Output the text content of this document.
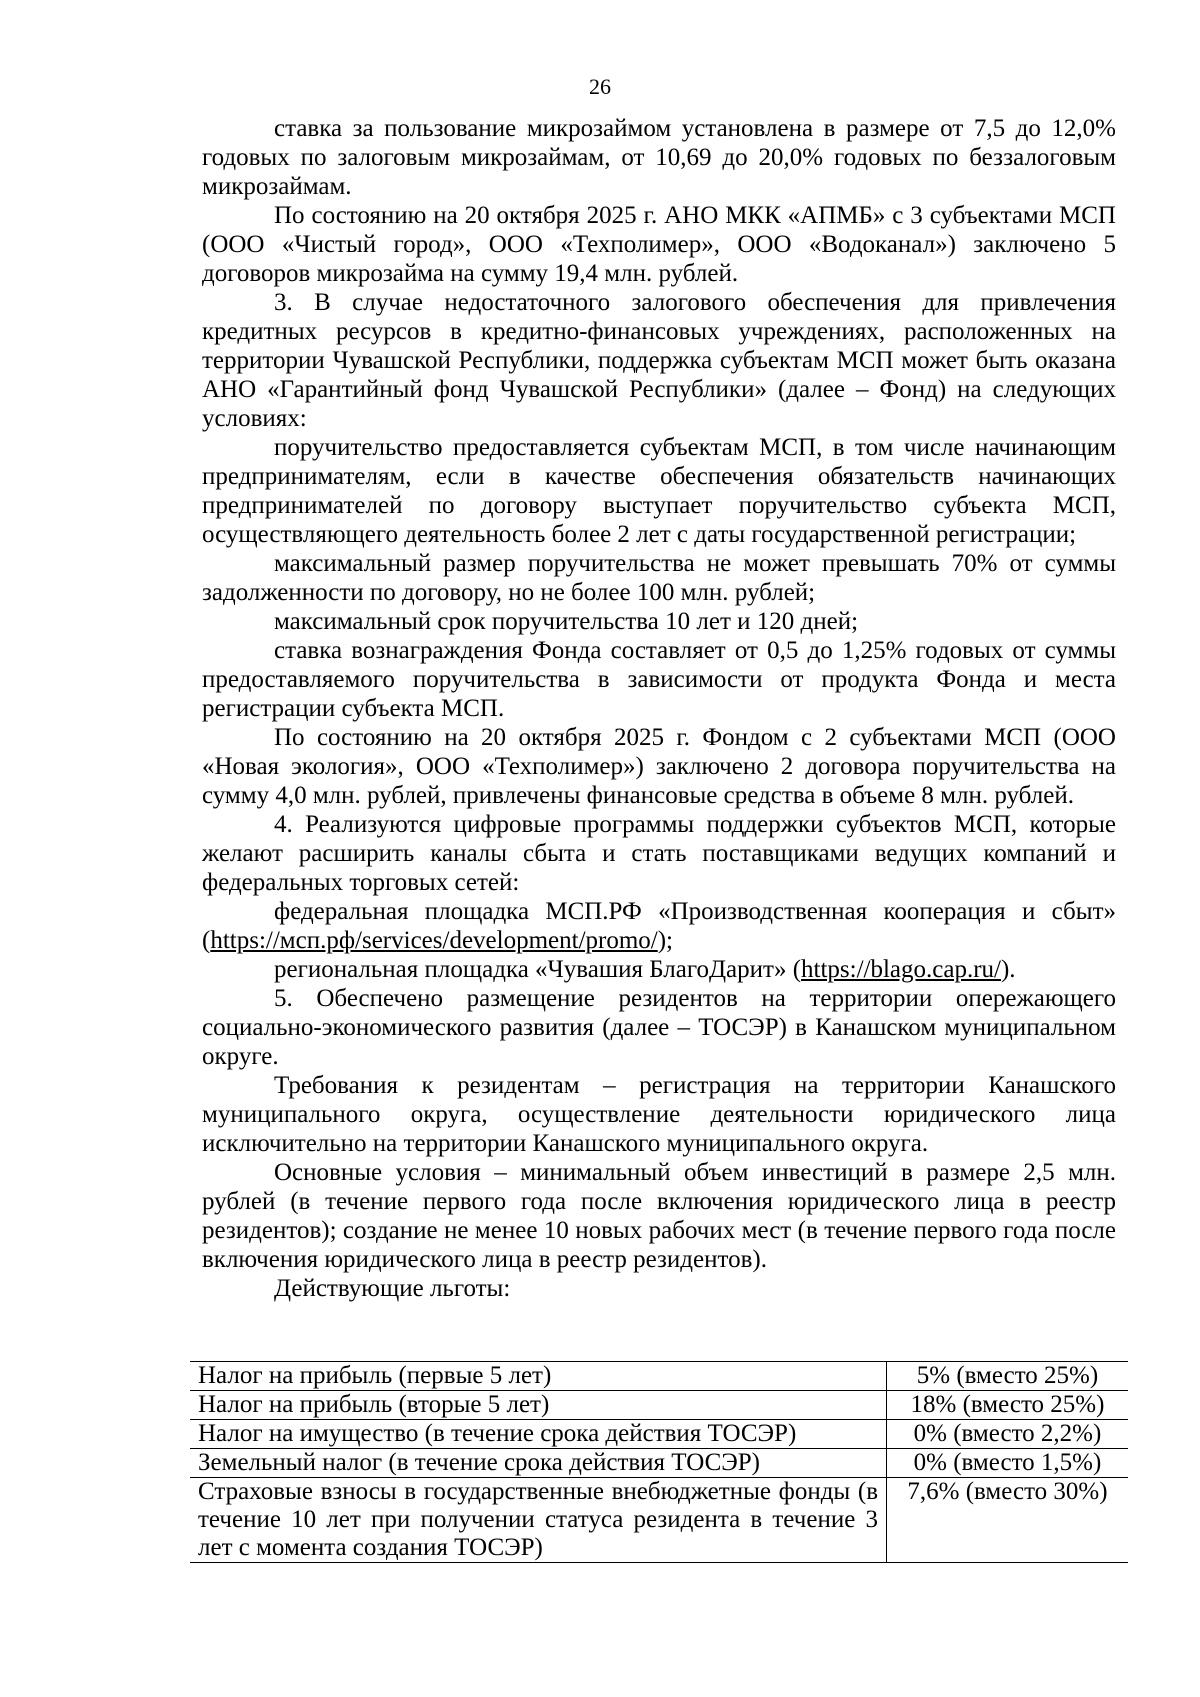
26

ставка за пользование микрозаймом установлена в размере от 7,5 до 12,0% годовых по залоговым микрозаймам, от 10,69 до 20,0% годовых по беззалоговым микрозаймам.

По состоянию на 20 октября 2025 г. АНО МКК «АПМБ» с 3 субъектами МСП (ООО «Чистый город», ООО «Техполимер», ООО «Водоканал») заключено 5 договоров микрозайма на сумму 19,4 млн. рублей.

3. В случае недостаточного залогового обеспечения для привлечения кредитных ресурсов в кредитно-финансовых учреждениях, расположенных на территории Чувашской Республики, поддержка субъектам МСП может быть оказана АНО «Гарантийный фонд Чувашской Республики» (далее – Фонд) на следующих условиях:

поручительство предоставляется субъектам МСП, в том числе начинающим предпринимателям, если в качестве обеспечения обязательств начинающих предпринимателей по договору выступает поручительство субъекта МСП, осуществляющего деятельность более 2 лет с даты государственной регистрации;

максимальный размер поручительства не может превышать 70% от суммы задолженности по договору, но не более 100 млн. рублей;

максимальный срок поручительства 10 лет и 120 дней;

ставка вознаграждения Фонда составляет от 0,5 до 1,25% годовых от суммы предоставляемого поручительства в зависимости от продукта Фонда и места регистрации субъекта МСП.

По состоянию на 20 октября 2025 г. Фондом с 2 субъектами МСП (ООО «Новая экология», ООО «Техполимер») заключено 2 договора поручительства на сумму 4,0 млн. рублей, привлечены финансовые средства в объеме 8 млн. рублей.

4. Реализуются цифровые программы поддержки субъектов МСП, которые желают расширить каналы сбыта и стать поставщиками ведущих компаний и федеральных торговых сетей:

федеральная площадка МСП.РФ «Производственная кооперация и сбыт» (https://мсп.рф/services/development/promo/);

региональная площадка «Чувашия БлагоДарит» (https://blago.cap.ru/).

5. Обеспечено размещение резидентов на территории опережающего социально-экономического развития (далее – ТОСЭР) в Канашском муниципальном округе.

Требования к резидентам – регистрация на территории Канашского муниципального округа, осуществление деятельности юридического лица исключительно на территории Канашского муниципального округа.

Основные условия – минимальный объем инвестиций в размере 2,5 млн. рублей (в течение первого года после включения юридического лица в реестр резидентов); создание не менее 10 новых рабочих мест (в течение первого года после включения юридического лица в реестр резидентов).

Действующие льготы:

Налог на прибыль (первые 5 лет)	5% (вместо 25%)
Налог на прибыль (вторые 5 лет)	18% (вместо 25%)
Налог на имущество (в течение срока действия ТОСЭР)	0% (вместо 2,2%)
Земельный налог (в течение срока действия ТОСЭР)	0% (вместо 1,5%)
Страховые взносы в государственные внебюджетные фонды (в течение 10 лет при получении статуса резидента в течение 3 лет с момента создания ТОСЭР)	7,6% (вместо 30%)
